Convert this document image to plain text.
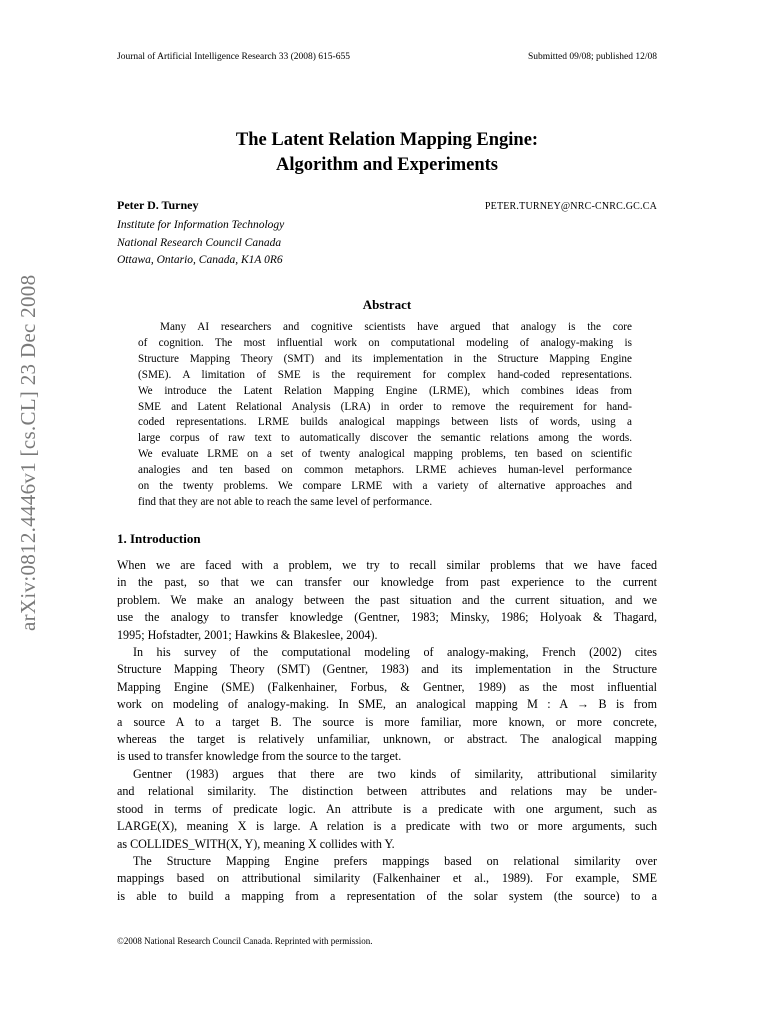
arXiv:0812.4446v1 [cs.CL] 23 Dec 2008
Journal of Artificial Intelligence Research 33 (2008) 615-655	Submitted 09/08; published 12/08
The Latent Relation Mapping Engine:
Algorithm and Experiments
Peter D. Turney	PETER.TURNEY@NRC-CNRC.GC.CA
Institute for Information Technology
National Research Council Canada
Ottawa, Ontario, Canada, K1A 0R6
Abstract
Many AI researchers and cognitive scientists have argued that analogy is the core
of cognition. The most influential work on computational modeling of analogy-making is
Structure Mapping Theory (SMT) and its implementation in the Structure Mapping Engine
(SME). A limitation of SME is the requirement for complex hand-coded representations.
We introduce the Latent Relation Mapping Engine (LRME), which combines ideas from
SME and Latent Relational Analysis (LRA) in order to remove the requirement for hand-
coded representations. LRME builds analogical mappings between lists of words, using a
large corpus of raw text to automatically discover the semantic relations among the words.
We evaluate LRME on a set of twenty analogical mapping problems, ten based on scientific
analogies and ten based on common metaphors. LRME achieves human-level performance
on the twenty problems. We compare LRME with a variety of alternative approaches and
find that they are not able to reach the same level of performance.
1. Introduction
When we are faced with a problem, we try to recall similar problems that we have faced
in the past, so that we can transfer our knowledge from past experience to the current
problem. We make an analogy between the past situation and the current situation, and we
use the analogy to transfer knowledge (Gentner, 1983; Minsky, 1986; Holyoak & Thagard,
1995; Hofstadter, 2001; Hawkins & Blakeslee, 2004).
In his survey of the computational modeling of analogy-making, French (2002) cites
Structure Mapping Theory (SMT) (Gentner, 1983) and its implementation in the Structure
Mapping Engine (SME) (Falkenhainer, Forbus, & Gentner, 1989) as the most influential
work on modeling of analogy-making. In SME, an analogical mapping M : A → B is from
a source A to a target B. The source is more familiar, more known, or more concrete,
whereas the target is relatively unfamiliar, unknown, or abstract. The analogical mapping
is used to transfer knowledge from the source to the target.
Gentner (1983) argues that there are two kinds of similarity, attributional similarity
and relational similarity. The distinction between attributes and relations may be under-
stood in terms of predicate logic. An attribute is a predicate with one argument, such as
LARGE(X), meaning X is large. A relation is a predicate with two or more arguments, such
as COLLIDES_WITH(X, Y), meaning X collides with Y.
The Structure Mapping Engine prefers mappings based on relational similarity over
mappings based on attributional similarity (Falkenhainer et al., 1989). For example, SME
is able to build a mapping from a representation of the solar system (the source) to a
©2008 National Research Council Canada. Reprinted with permission.
